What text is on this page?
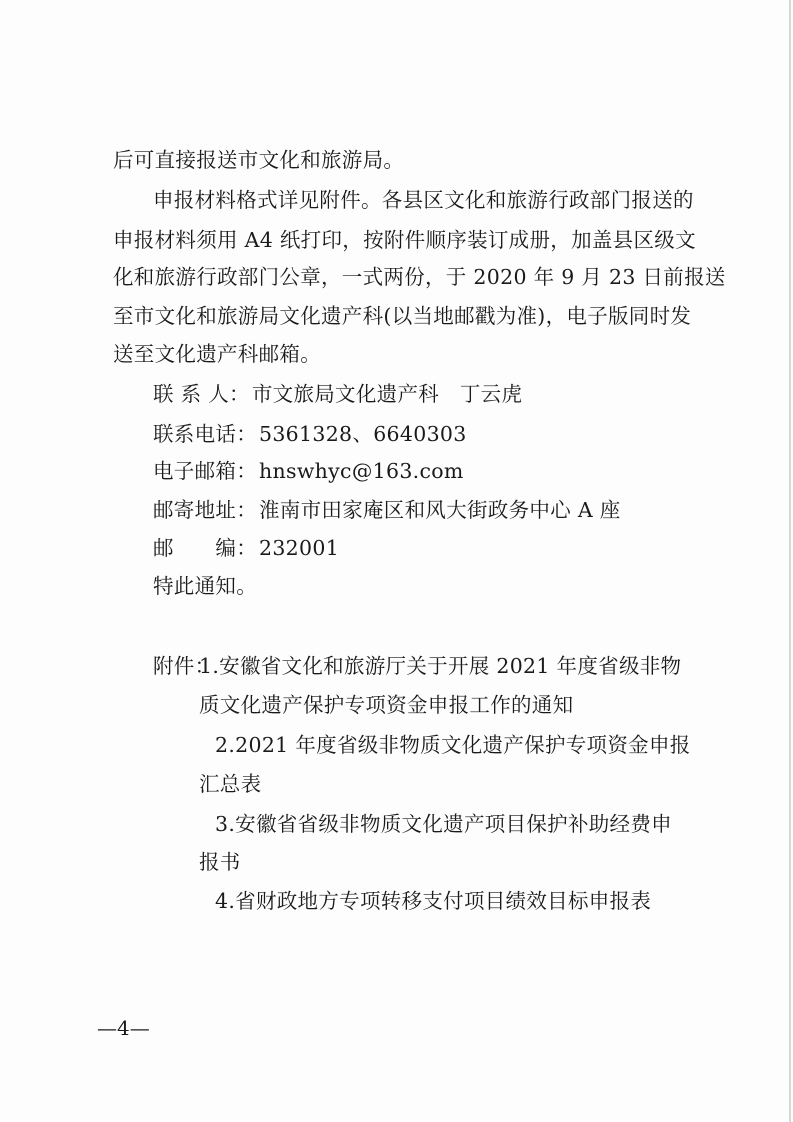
后可直接报送市文化和旅游局。
申报材料格式详见附件。各县区文化和旅游行政部门报送的
申报材料须用 A4 纸打印，按附件顺序装订成册，加盖县区级文
化和旅游行政部门公章，一式两份，于 2020 年 9 月 23 日前报送
至市文化和旅游局文化遗产科(以当地邮戳为准)，电子版同时发
送至文化遗产科邮箱。
联 系 人：市文旅局文化遗产科　丁云虎
联系电话：5361328、6640303
电子邮箱：hnswhyc@163.com
邮寄地址：淮南市田家庵区和风大街政务中心 A 座
邮　　编：232001
特此通知。
附件：
1.安徽省文化和旅游厅关于开展 2021 年度省级非物
质文化遗产保护专项资金申报工作的通知
2.2021 年度省级非物质文化遗产保护专项资金申报
汇总表
3.安徽省省级非物质文化遗产项目保护补助经费申
报书
4.省财政地方专项转移支付项目绩效目标申报表
—4—
